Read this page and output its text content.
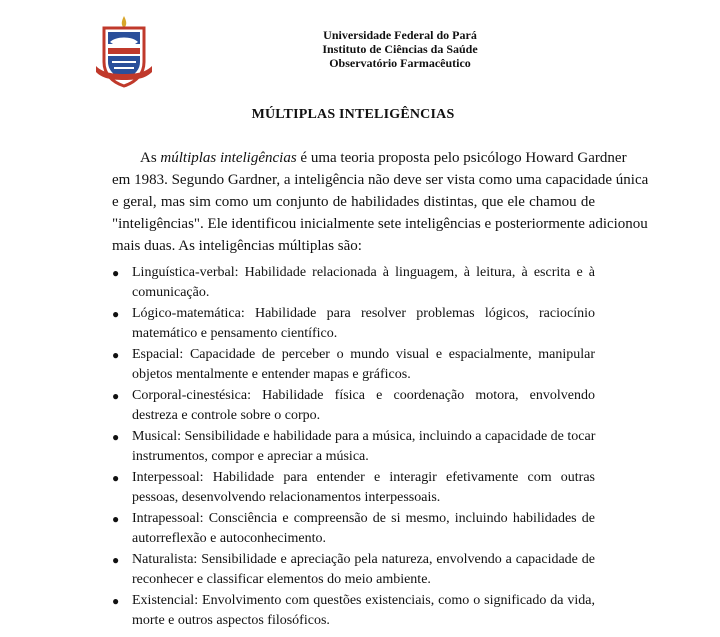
Universidade Federal do Pará
Instituto de Ciências da Saúde
Observatório Farmacêutico
MÚLTIPLAS INTELIGÊNCIAS
As múltiplas inteligências é uma teoria proposta pelo psicólogo Howard Gardner
em 1983. Segundo Gardner, a inteligência não deve ser vista como uma capacidade única
e geral, mas sim como um conjunto de habilidades distintas, que ele chamou de
"inteligências". Ele identificou inicialmente sete inteligências e posteriormente adicionou
mais duas. As inteligências múltiplas são:
● Linguística-verbal: Habilidade relacionada à linguagem, à leitura, à escrita e à
comunicação.
● Lógico-matemática: Habilidade para resolver problemas lógicos, raciocínio
matemático e pensamento científico.
● Espacial: Capacidade de perceber o mundo visual e espacialmente, manipular
objetos mentalmente e entender mapas e gráficos.
● Corporal-cinestésica: Habilidade física e coordenação motora, envolvendo
destreza e controle sobre o corpo.
● Musical: Sensibilidade e habilidade para a música, incluindo a capacidade de tocar
instrumentos, compor e apreciar a música.
● Interpessoal: Habilidade para entender e interagir efetivamente com outras
pessoas, desenvolvendo relacionamentos interpessoais.
● Intrapessoal: Consciência e compreensão de si mesmo, incluindo habilidades de
autorreflexão e autoconhecimento.
● Naturalista: Sensibilidade e apreciação pela natureza, envolvendo a capacidade de
reconhecer e classificar elementos do meio ambiente.
● Existencial: Envolvimento com questões existenciais, como o significado da vida,
morte e outros aspectos filosóficos.
